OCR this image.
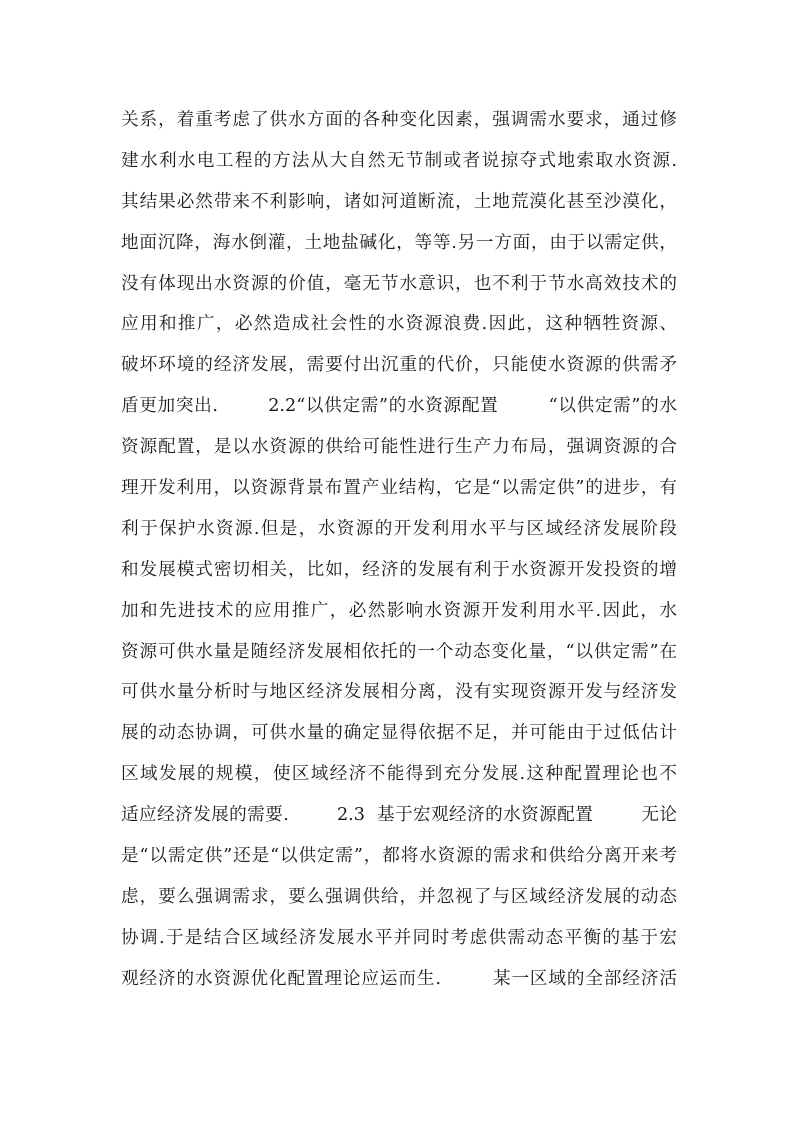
关系，着重考虑了供水方面的各种变化因素，强调需水要求，通过修
建水利水电工程的方法从大自然无节制或者说掠夺式地索取水资源.
其结果必然带来不利影响，诸如河道断流，土地荒漠化甚至沙漠化，
地面沉降，海水倒灌，土地盐碱化，等等.另一方面，由于以需定供，
没有体现出水资源的价值，毫无节水意识，也不利于节水高效技术的
应用和推广，必然造成社会性的水资源浪费.因此，这种牺牲资源、
破坏环境的经济发展，需要付出沉重的代价，只能使水资源的供需矛
盾更加突出.        2.2“以供定需”的水资源配置        “以供定需”的水
资源配置，是以水资源的供给可能性进行生产力布局，强调资源的合
理开发利用，以资源背景布置产业结构，它是“以需定供”的进步，有
利于保护水资源.但是，水资源的开发利用水平与区域经济发展阶段
和发展模式密切相关，比如，经济的发展有利于水资源开发投资的增
加和先进技术的应用推广，必然影响水资源开发利用水平.因此，水
资源可供水量是随经济发展相依托的一个动态变化量，“以供定需”在
可供水量分析时与地区经济发展相分离，没有实现资源开发与经济发
展的动态协调，可供水量的确定显得依据不足，并可能由于过低估计
区域发展的规模，使区域经济不能得到充分发展.这种配置理论也不
适应经济发展的需要.        2.3  基于宏观经济的水资源配置        无论
是“以需定供”还是“以供定需”，都将水资源的需求和供给分离开来考
虑，要么强调需求，要么强调供给，并忽视了与区域经济发展的动态
协调.于是结合区域经济发展水平并同时考虑供需动态平衡的基于宏
观经济的水资源优化配置理论应运而生.        某一区域的全部经济活
